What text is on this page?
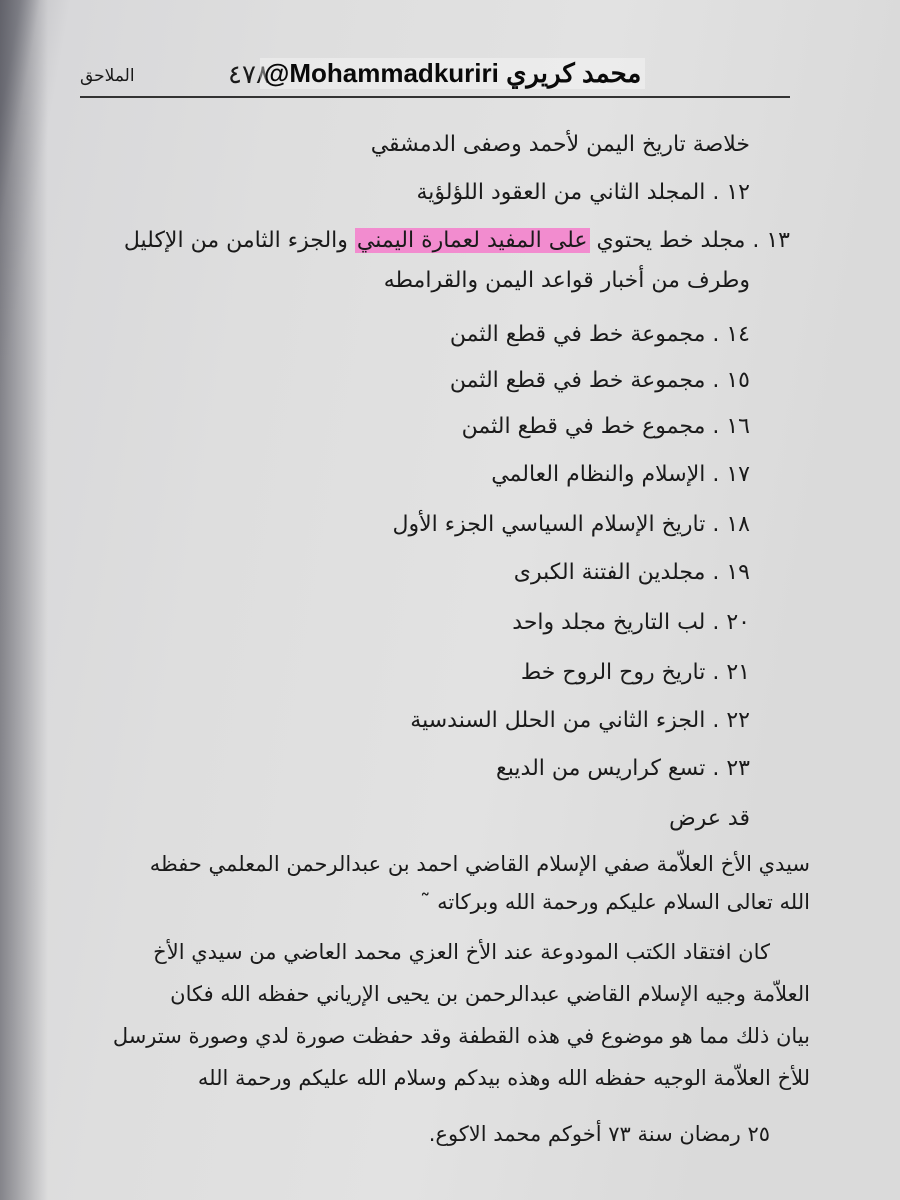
٤٧٨
@Mohammadkuriri محمد كريري
الملاحق
خلاصة تاريخ اليمن لأحمد وصفى الدمشقي
١٢ . المجلد الثاني من العقود اللؤلؤية
١٣ . مجلد خط يحتوي على المفيد لعمارة اليمني والجزء الثامن من الإكليل
وطرف من أخبار قواعد اليمن والقرامطه
١٤ . مجموعة خط في قطع الثمن
١٥ . مجموعة خط في قطع الثمن
١٦ . مجموع خط في قطع الثمن
١٧ . الإسلام والنظام العالمي
١٨ . تاريخ الإسلام السياسي الجزء الأول
١٩ . مجلدين الفتنة الكبرى
٢٠ . لب التاريخ مجلد واحد
٢١ . تاريخ روح الروح خط
٢٢ . الجزء الثاني من الحلل السندسية
٢٣ . تسع كراريس من الديبع
قد عرض
سيدي الأخ العلاّمة صفي الإسلام القاضي احمد بن عبدالرحمن المعلمي حفظه
الله تعالى السلام عليكم ورحمة الله وبركاته ˜
كان افتقاد الكتب المودوعة عند الأخ العزي محمد العاضي من سيدي الأخ
العلاّمة وجيه الإسلام القاضي عبدالرحمن بن يحيى الإرياني حفظه الله فكان
بيان ذلك مما هو موضوع في هذه القطفة وقد حفظت صورة لدي وصورة سترسل
للأخ العلاّمة الوجيه حفظه الله وهذه بيدكم وسلام الله عليكم ورحمة الله
٢٥ رمضان سنة ٧٣ أخوكم محمد الاكوع.
